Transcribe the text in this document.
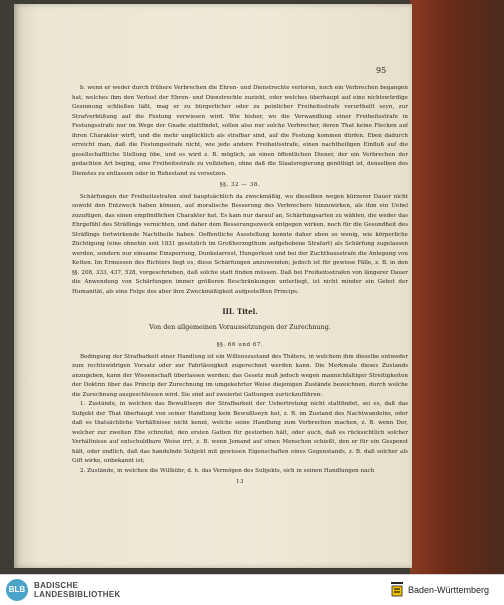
95

b. wenn er weder durch frühere Verbrechen die Ehren- und Dienstrechte verloren, noch ein Verbrechen begangen hat, welches ihm den Verlust der Ehren- und Dienstrechte zuzieht, oder welches überhaupt auf eine nichtswürdige Gesinnung schließen läßt, mag er zu bürgerlicher oder zu peinlicher Freiheitsstrafe verurtheilt seyn, zur Strafverbüßung auf die Festung verwiesen wird. Wie bisher, wo die Verwandlung einer Freiheitsstrafe in Festungsstrafe nur im Wege der Gnade stattfindet, sollen also nur solche Verbrecher, deren That keine Flecken auf ihren Charakter wirft, und die mehr unglücklich als strafbar sind, auf die Festung kommen dürfen. Eben dadurch erreicht man, daß die Festungsstrafe nicht, wie jede andere Freiheitsstrafe, einen nachtheiligen Einfluß auf die gesellschaftliche Stellung übe, und es wird z. B. möglich, an einen öffentlichen Diener, der ein Verbrechen der gedachten Art beging, eine Freiheitsstrafe zu vollziehen, ohne daß die Staatsregierung genöthigt ist, denselben des Dienstes zu entlassen oder in Ruhestand zu versetzen.

§§. 32 — 38.

Schärfungen der Freiheitsstrafen sind hauptsächlich da zweckmäßig, wo dieselben wegen kürzerer Dauer nicht sowohl den Entzweck haben können, auf moralische Besserung des Verbrechers hinzuwirken, als ihm ein Uebel zuzufügen, das einen empfindlichen Charakter hat. Es kam nur darauf an, Schärfungsarten zu wählen, die weder das Ehrgefühl des Sträflings vernichten, und daher dem Besserungszweck entgegen wirken, noch für die Gesundheit des Sträflings fortwirkende Nachtheile haben. Oeffentliche Ausstellung konnte daher eben so wenig, wie körperliche Züchtigung (eine ohnehin seit 1831 gesetzlich im Großherzogthum aufgehobene Strafart) als Schärfung zugelassen werden, sondern nur einsame Einsperrung, Dunkelarrest, Hungerkost und bei der Zuchthausstrafe die Anlegung von Ketten. Im Ermessen des Richters liegt es, diese Schärfungen anzuwenden; jedoch ist für gewisse Fälle, z. B. in den §§. 208, 333, 437, 528, vorgeschrieben, daß solche statt finden müssen. Daß bei Freiheitsstrafen von längerer Dauer die Anwendung von Schärfungen immer größeren Beschränkungen unterliegt, ist nicht minder ein Gebot der Humanität, als eine Folge des aber ihre Zweckmäßigkeit aufgestellten Princips.

III. Titel.

Von den allgemeinen Voraussetzungen der Zurechnung.

§§. 66 und 67.

Bedingung der Strafbarkeit einer Handlung ist ein Willenszustand des Thäters, in welchem ihm dieselbe entweder zum rechtswidrigen Vorsatz oder zur Fahrlässigkeit zugerechnet werden kann. Die Merkmale dieses Zustands anzugeben, kann der Wissenschaft überlassen werden; das Gesetz muß jedoch wegen mannichfaltiger Streitigkeiten der Doktrin über das Princip der Zurechnung im umgekehrter Weise diejenigen Zustände bezeichnen, durch welche die Zurechnung ausgeschlossen wird. Sie sind auf zweierlei Gattungen zurückzuführen:

1. Zustände, in welchen das Bewußtseyn der Strafbarkeit der Uebertretung nicht stattfindet, sei es, daß das Subjekt der That überhaupt von seiner Handlung kein Bewußtseyn hat, z. B. im Zustand des Nachtwandelns, oder daß es thatsächliche Verhältnisse nicht kennt, welche seine Handlung zum Verbrechen machen, z. B. wenn Der, welcher zur zweiten Ehe schreitet, den ersten Gatten für gestorben hält, oder auch, daß es rücksichtlich solcher Verhältnisse auf entschuldbare Weise irrt, z. B. wenn Jemand auf einen Menschen schießt, den er für ein Gespenst hält, oder endlich, daß das handelnde Subjekt mit gewissen Eigenschaften eines Gegenstands, z. B. daß solcher als Gift wirke, unbekannt ist;

2. Zustände, in welchen die Willkühr, d. h. das Vermögen des Subjekts, sich in seinen Handlungen nach

13

BLB	BADISCHE
LANDESBIBLIOTHEK	Baden-Württemberg
